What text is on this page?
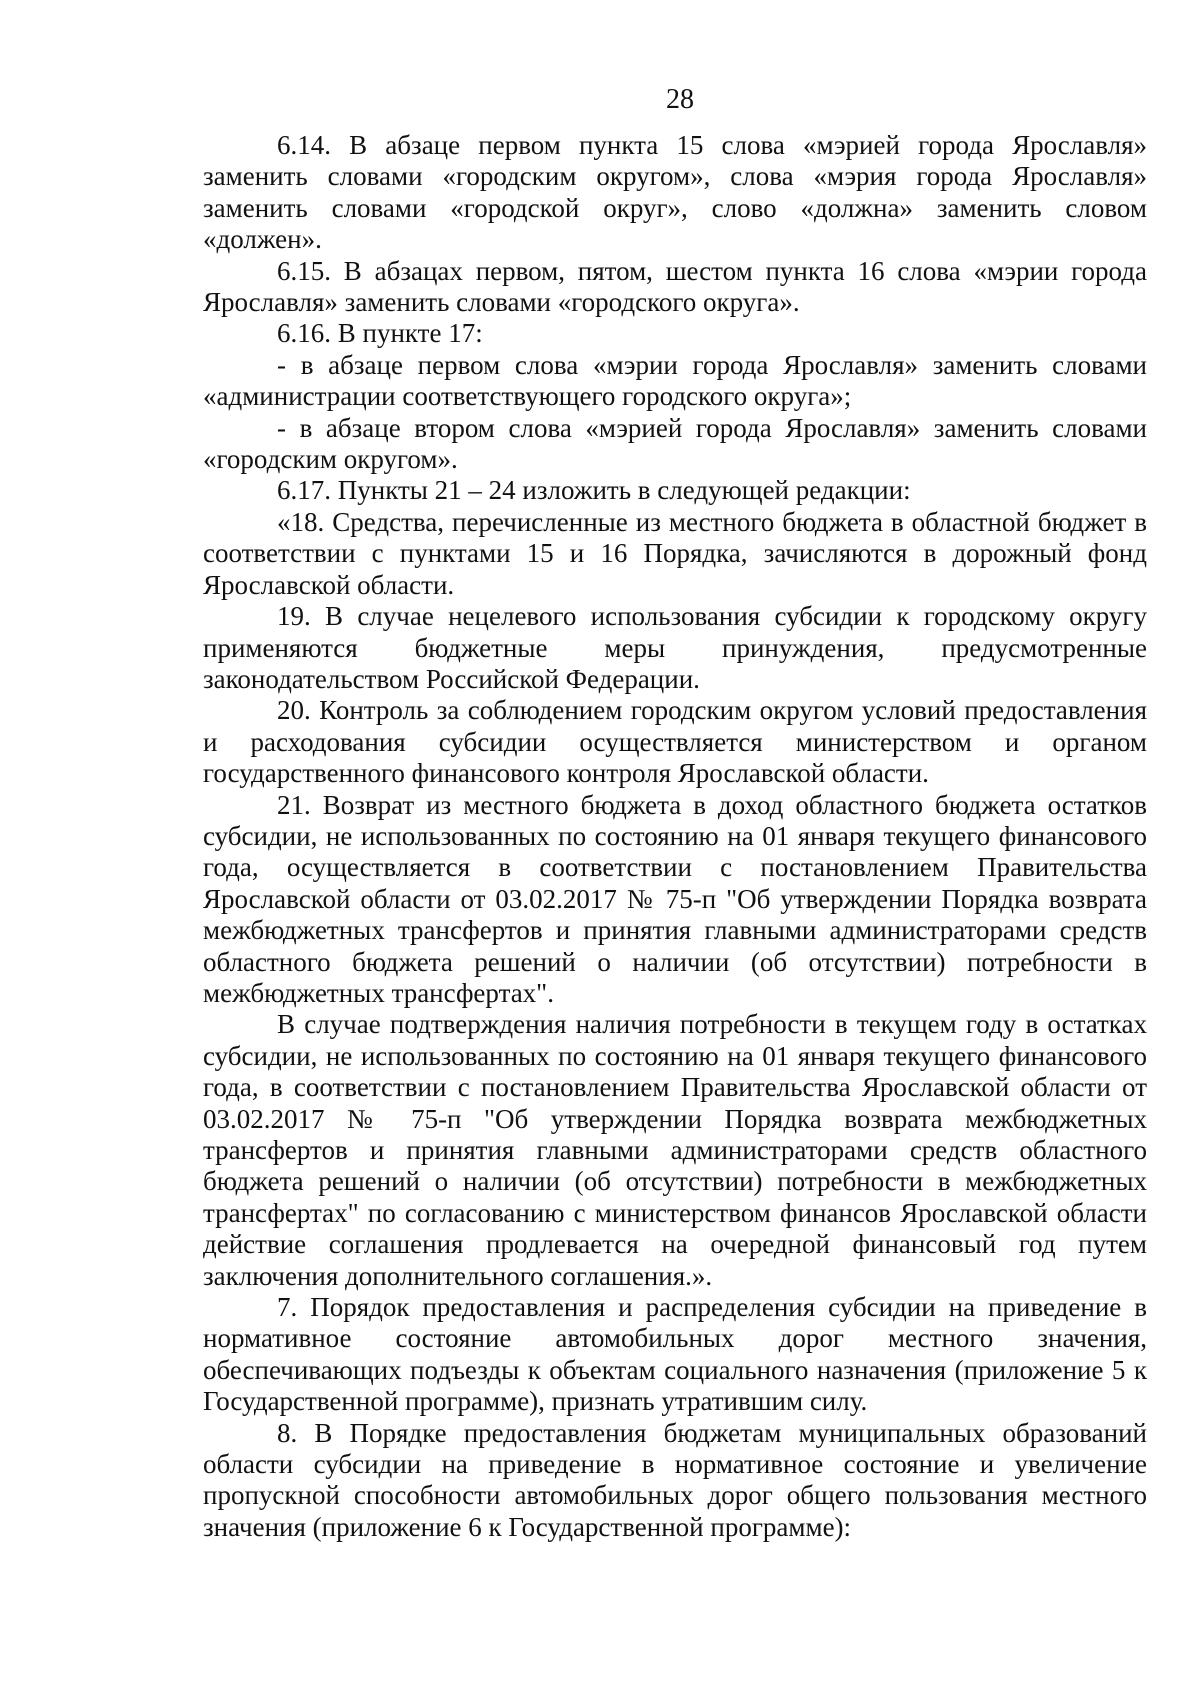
28

6.14. В абзаце первом пункта 15 слова «мэрией города Ярославля» заменить словами «городским округом», слова «мэрия города Ярославля» заменить словами «городской округ», слово «должна» заменить словом «должен».

6.15. В абзацах первом, пятом, шестом пункта 16 слова «мэрии города Ярославля» заменить словами «городского округа».

6.16. В пункте 17:

- в абзаце первом слова «мэрии города Ярославля» заменить словами «администрации соответствующего городского округа»;

- в абзаце втором слова «мэрией города Ярославля» заменить словами «городским округом».

6.17. Пункты 21 – 24 изложить в следующей редакции:

«18. Средства, перечисленные из местного бюджета в областной бюджет в соответствии с пунктами 15 и 16 Порядка, зачисляются в дорожный фонд Ярославской области.

19. В случае нецелевого использования субсидии к городскому округу применяются бюджетные меры принуждения, предусмотренные законодательством Российской Федерации.

20. Контроль за соблюдением городским округом условий предоставления и расходования субсидии осуществляется министерством и органом государственного финансового контроля Ярославской области.

21. Возврат из местного бюджета в доход областного бюджета остатков субсидии, не использованных по состоянию на 01 января текущего финансового года, осуществляется в соответствии с постановлением Правительства Ярославской области от 03.02.2017 № 75-п "Об утверждении Порядка возврата межбюджетных трансфертов и принятия главными администраторами средств областного бюджета решений о наличии (об отсутствии) потребности в межбюджетных трансфертах".

В случае подтверждения наличия потребности в текущем году в остатках субсидии, не использованных по состоянию на 01 января текущего финансового года, в соответствии с постановлением Правительства Ярославской области от 03.02.2017 № 75-п "Об утверждении Порядка возврата межбюджетных трансфертов и принятия главными администраторами средств областного бюджета решений о наличии (об отсутствии) потребности в межбюджетных трансфертах" по согласованию с министерством финансов Ярославской области действие соглашения продлевается на очередной финансовый год путем заключения дополнительного соглашения.».

7. Порядок предоставления и распределения субсидии на приведение в нормативное состояние автомобильных дорог местного значения, обеспечивающих подъезды к объектам социального назначения (приложение 5 к Государственной программе), признать утратившим силу.

8. В Порядке предоставления бюджетам муниципальных образований области субсидии на приведение в нормативное состояние и увеличение пропускной способности автомобильных дорог общего пользования местного значения (приложение 6 к Государственной программе):
